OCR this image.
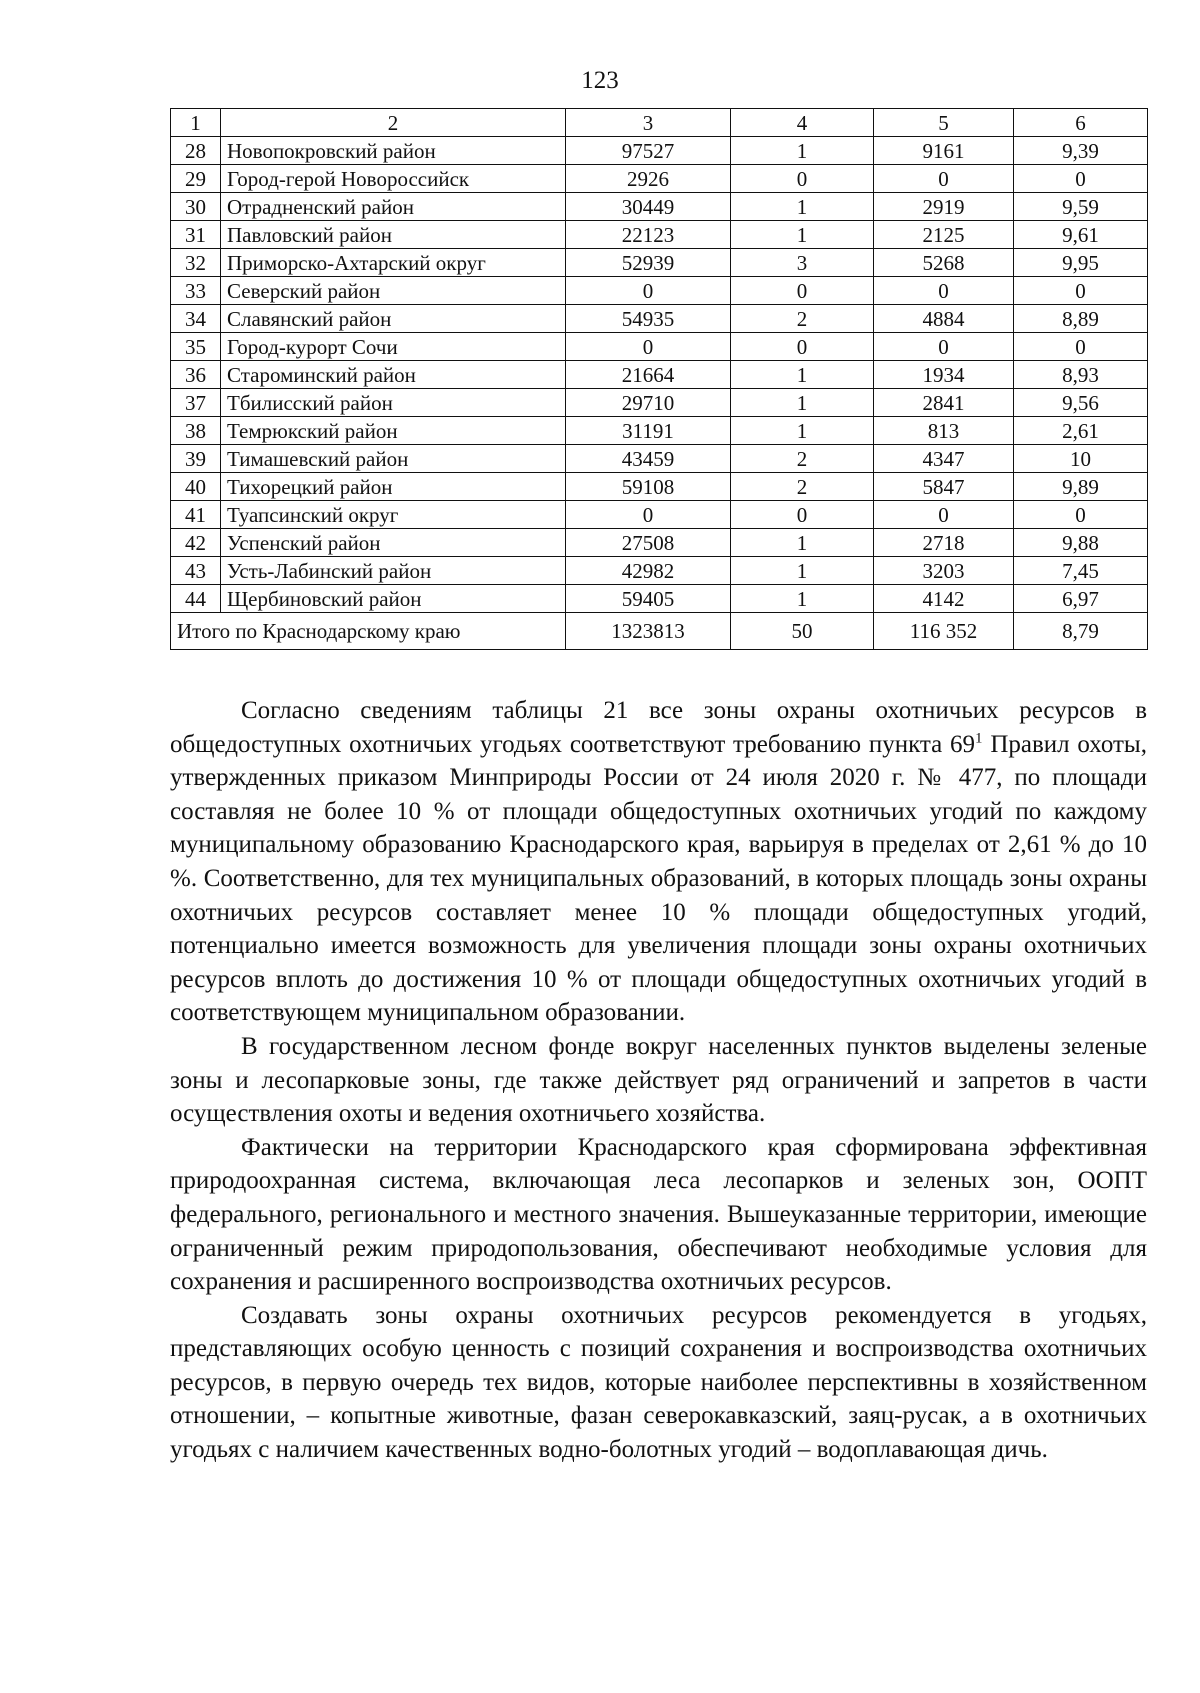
123
1	2	3	4	5	6
28	Новопокровский район	97527	1	9161	9,39
29	Город-герой Новороссийск	2926	0	0	0
30	Отрадненский район	30449	1	2919	9,59
31	Павловский район	22123	1	2125	9,61
32	Приморско-Ахтарский округ	52939	3	5268	9,95
33	Северский район	0	0	0	0
34	Славянский район	54935	2	4884	8,89
35	Город-курорт Сочи	0	0	0	0
36	Староминский район	21664	1	1934	8,93
37	Тбилисский район	29710	1	2841	9,56
38	Темрюкский район	31191	1	813	2,61
39	Тимашевский район	43459	2	4347	10
40	Тихорецкий район	59108	2	5847	9,89
41	Туапсинский округ	0	0	0	0
42	Успенский район	27508	1	2718	9,88
43	Усть-Лабинский район	42982	1	3203	7,45
44	Щербиновский район	59405	1	4142	6,97
Итого по Краснодарскому краю		1323813	50	116 352	8,79

Согласно сведениям таблицы 21 все зоны охраны охотничьих ресурсов в общедоступных охотничьих угодьях соответствуют требованию пункта $69^1$ Правил охоты, утвержденных приказом Минприроды России от 24 июля 2020 г. № 477, по площади составляя не более 10 % от площади общедоступных охотничьих угодий по каждому муниципальному образованию Краснодарского края, варьируя в пределах от 2,61 % до 10 %. Соответственно, для тех муниципальных образований, в которых площадь зоны охраны охотничьих ресурсов составляет менее 10 % площади общедоступных угодий, потенциально имеется возможность для увеличения площади зоны охраны охотничьих ресурсов вплоть до достижения 10 % от площади общедоступных охотничьих угодий в соответствующем муниципальном образовании.

В государственном лесном фонде вокруг населенных пунктов выделены зеленые зоны и лесопарковые зоны, где также действует ряд ограничений и запретов в части осуществления охоты и ведения охотничьего хозяйства.

Фактически на территории Краснодарского края сформирована эффективная природоохранная система, включающая леса лесопарков и зеленых зон, ООПТ федерального, регионального и местного значения. Вышеуказанные территории, имеющие ограниченный режим природопользования, обеспечивают необходимые условия для сохранения и расширенного воспроизводства охотничьих ресурсов.

Создавать зоны охраны охотничьих ресурсов рекомендуется в угодьях, представляющих особую ценность с позиций сохранения и воспроизводства охотничьих ресурсов, в первую очередь тех видов, которые наиболее перспективны в хозяйственном отношении, – копытные животные, фазан северокавказский, заяц-русак, а в охотничьих угодьях с наличием качественных водно-болотных угодий – водоплавающая дичь.
